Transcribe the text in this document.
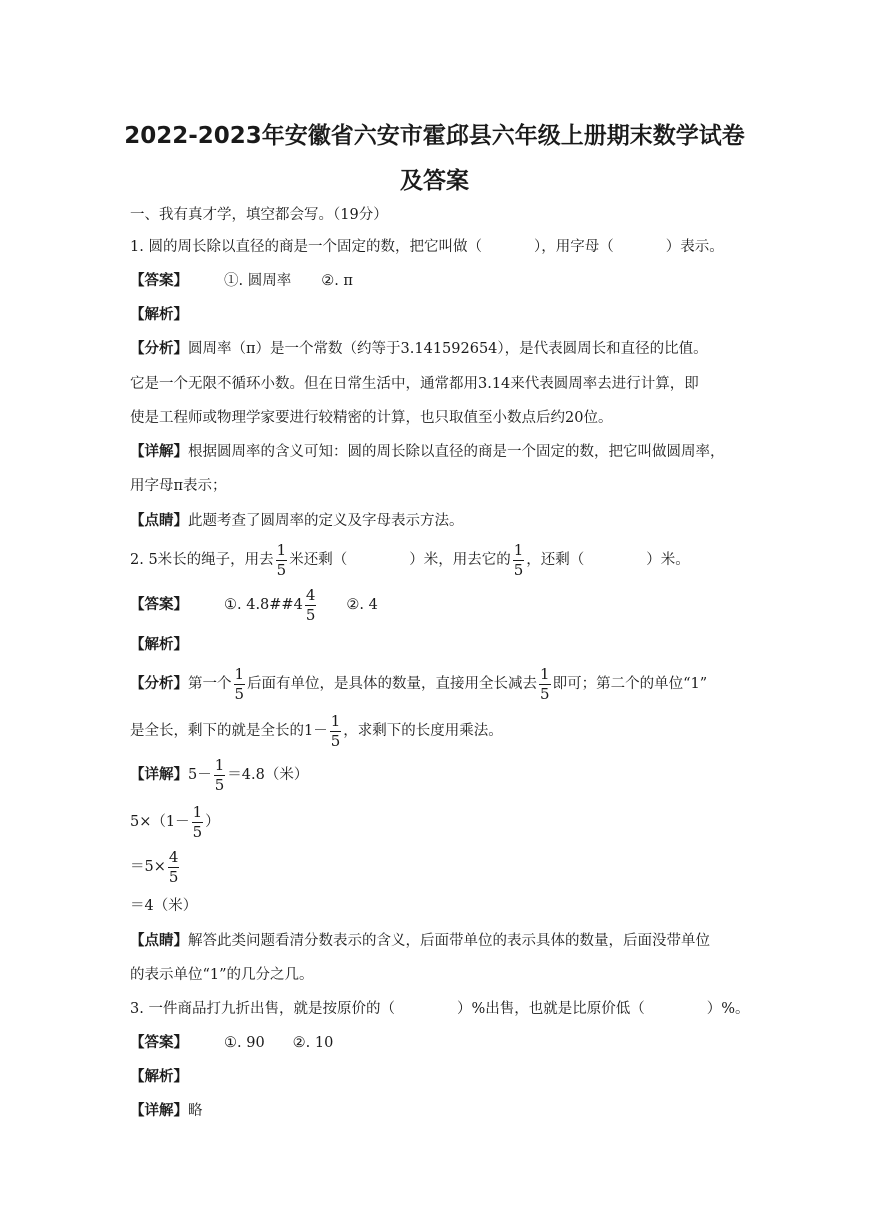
2022-2023年安徽省六安市霍邱县六年级上册期末数学试卷
及答案
一、我有真才学，填空都会写。（19分）
1. 圆的周长除以直径的商是一个固定的数，把它叫做（	），用字母（	）表示。
【答案】 ①. 圆周率 ②. π
【解析】
【分析】圆周率（π）是一个常数（约等于3.141592654），是代表圆周长和直径的比值。
它是一个无限不循环小数。但在日常生活中，通常都用3.14来代表圆周率去进行计算，即
使是工程师或物理学家要进行较精密的计算，也只取值至小数点后约20位。
【详解】根据圆周率的含义可知：圆的周长除以直径的商是一个固定的数，把它叫做圆周率，
用字母π表示；
【点睛】此题考查了圆周率的定义及字母表示方法。
2. 5米长的绳子，用去 $\frac{1}{5}$ 米还剩（	）米，用去它的 $\frac{1}{5}$ ，还剩（	）米。
【答案】 ①. 4.8##4 $\frac{4}{5}$ ②. 4
【解析】
【分析】第一个 $\frac{1}{5}$ 后面有单位，是具体的数量，直接用全长减去 $\frac{1}{5}$ 即可；第二个的单位“1”
是全长，剩下的就是全长的$1- \frac{1}{5}$ ，求剩下的长度用乘法。
【详解】$5- \frac{1}{5} =4.8$（米）
$5\times(1- \frac{1}{5}$ ）
$=5\times \frac{4}{5}$
＝4（米）
【点睛】解答此类问题看清分数表示的含义，后面带单位的表示具体的数量，后面没带单位
的表示单位“1”的几分之几。
3. 一件商品打九折出售，就是按原价的（	）%出售，也就是比原价低（	）%。
【答案】 ①. 90 ②. 10
【解析】
【详解】略
